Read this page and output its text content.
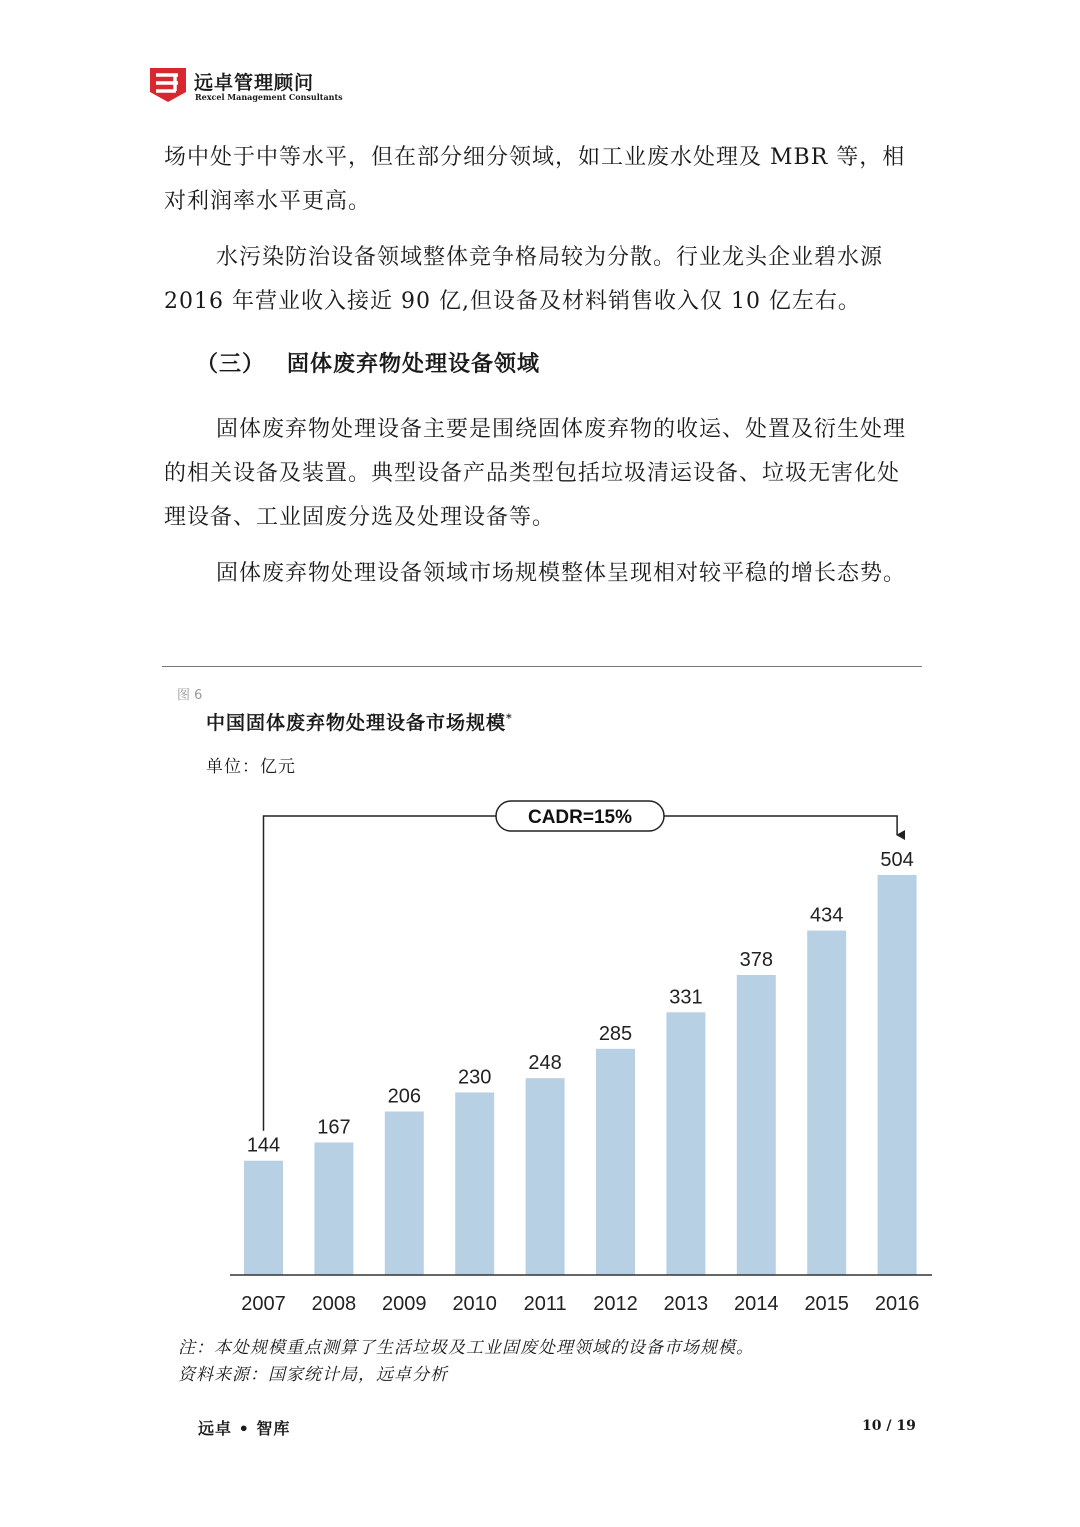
远卓管理顾问
Rexcel Management Consultants

场中处于中等水平，但在部分细分领域，如工业废水处理及 MBR 等，相对利润率水平更高。

水污染防治设备领域整体竞争格局较为分散。行业龙头企业碧水源 2016 年营业收入接近 90 亿,但设备及材料销售收入仅 10 亿左右。

（三） 固体废弃物处理设备领域

固体废弃物处理设备主要是围绕固体废弃物的收运、处置及衍生处理的相关设备及装置。典型设备产品类型包括垃圾清运设备、垃圾无害化处理设备、工业固废分选及处理设备等。

固体废弃物处理设备领域市场规模整体呈现相对较平稳的增长态势。

图 6
中国固体废弃物处理设备市场规模*
单位：亿元
144
2007
167
2008
206
2009
230
2010
248
2011
285
2012
331
2013
378
2014
434
2015
504
2016
CADR=15%
注：本处规模重点测算了生活垃圾及工业固废处理领域的设备市场规模。
资料来源：国家统计局，远卓分析
远卓 • 智库	10 / 19
